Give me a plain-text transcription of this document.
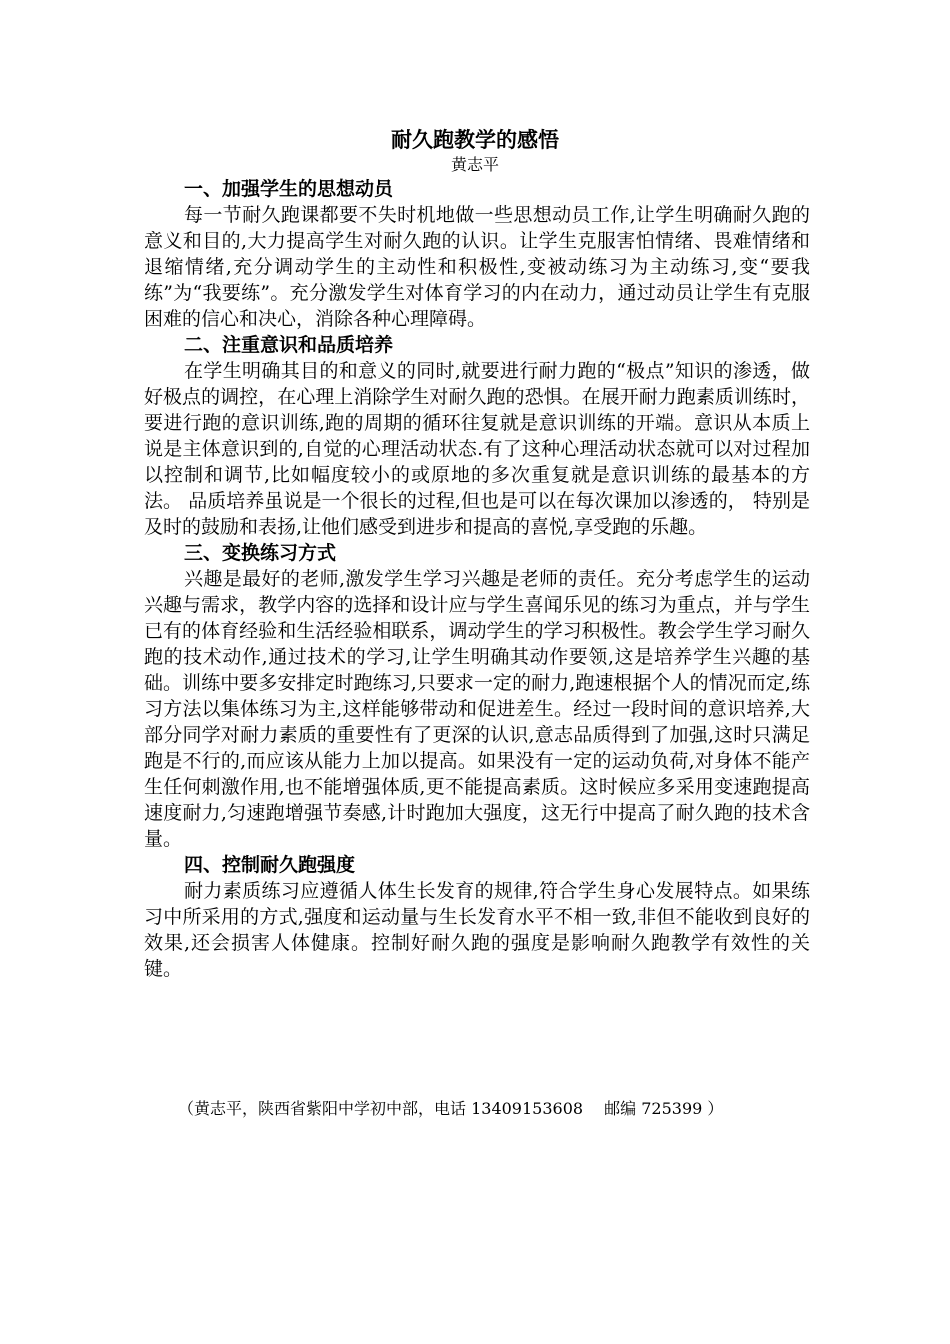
耐久跑教学的感悟
黄志平

一、加强学生的思想动员

每一节耐久跑课都要不失时机地做一些思想动员工作,让学生明确耐久跑的意义和目的,大力提高学生对耐久跑的认识。让学生克服害怕情绪、畏难情绪和退缩情绪,充分调动学生的主动性和积极性,变被动练习为主动练习,变“要我练”为“我要练”。充分激发学生对体育学习的内在动力，通过动员让学生有克服困难的信心和决心，消除各种心理障碍。

二、注重意识和品质培养

在学生明确其目的和意义的同时,就要进行耐力跑的“极点”知识的渗透，做好极点的调控，在心理上消除学生对耐久跑的恐惧。在展开耐力跑素质训练时， 要进行跑的意识训练,跑的周期的循环往复就是意识训练的开端。意识从本质上说是主体意识到的,自觉的心理活动状态.有了这种心理活动状态就可以对过程加以控制和调节,比如幅度较小的或原地的多次重复就是意识训练的最基本的方法。 品质培养虽说是一个很长的过程,但也是可以在每次课加以渗透的， 特别是及时的鼓励和表扬,让他们感受到进步和提高的喜悦,享受跑的乐趣。

三、变换练习方式

兴趣是最好的老师,激发学生学习兴趣是老师的责任。充分考虑学生的运动兴趣与需求，教学内容的选择和设计应与学生喜闻乐见的练习为重点，并与学生已有的体育经验和生活经验相联系，调动学生的学习积极性。教会学生学习耐久跑的技术动作,通过技术的学习,让学生明确其动作要领,这是培养学生兴趣的基础。训练中要多安排定时跑练习,只要求一定的耐力,跑速根据个人的情况而定,练习方法以集体练习为主,这样能够带动和促进差生。经过一段时间的意识培养,大部分同学对耐力素质的重要性有了更深的认识,意志品质得到了加强,这时只满足跑是不行的,而应该从能力上加以提高。如果没有一定的运动负荷,对身体不能产生任何刺激作用,也不能增强体质,更不能提高素质。这时候应多采用变速跑提高速度耐力,匀速跑增强节奏感,计时跑加大强度，这无行中提高了耐久跑的技术含量。

四、控制耐久跑强度

耐力素质练习应遵循人体生长发育的规律,符合学生身心发展特点。如果练习中所采用的方式,强度和运动量与生长发育水平不相一致,非但不能收到良好的效果,还会损害人体健康。控制好耐久跑的强度是影响耐久跑教学有效性的关键。

（黄志平，陕西省紫阳中学初中部，电话 13409153608　 邮编 725399 ）
